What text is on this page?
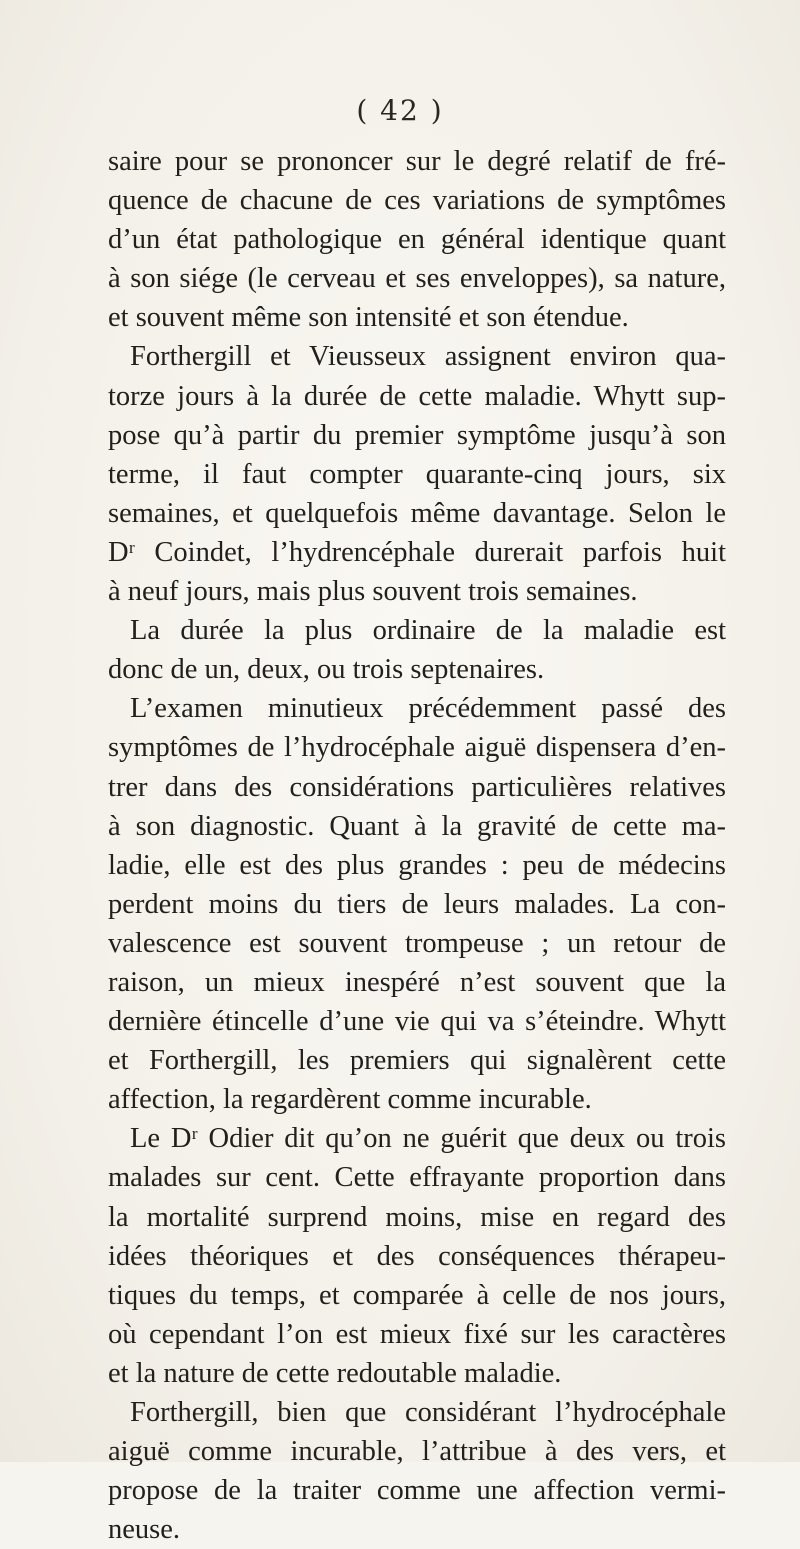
( 42 )
saire pour se prononcer sur le degré relatif de fré-
quence de chacune de ces variations de symptômes
d’un état pathologique en général identique quant
à son siége (le cerveau et ses enveloppes), sa nature,
et souvent même son intensité et son étendue.
Forthergill et Vieusseux assignent environ qua-
torze jours à la durée de cette maladie. Whytt sup-
pose qu’à partir du premier symptôme jusqu’à son
terme, il faut compter quarante-cinq jours, six
semaines, et quelquefois même davantage. Selon le
Dʳ Coindet, l’hydrencéphale durerait parfois huit
à neuf jours, mais plus souvent trois semaines.
La durée la plus ordinaire de la maladie est
donc de un, deux, ou trois septenaires.
L’examen minutieux précédemment passé des
symptômes de l’hydrocéphale aiguë dispensera d’en-
trer dans des considérations particulières relatives
à son diagnostic. Quant à la gravité de cette ma-
ladie, elle est des plus grandes : peu de médecins
perdent moins du tiers de leurs malades. La con-
valescence est souvent trompeuse ; un retour de
raison, un mieux inespéré n’est souvent que la
dernière étincelle d’une vie qui va s’éteindre. Whytt
et Forthergill, les premiers qui signalèrent cette
affection, la regardèrent comme incurable.
Le Dʳ Odier dit qu’on ne guérit que deux ou trois
malades sur cent. Cette effrayante proportion dans
la mortalité surprend moins, mise en regard des
idées théoriques et des conséquences thérapeu-
tiques du temps, et comparée à celle de nos jours,
où cependant l’on est mieux fixé sur les caractères
et la nature de cette redoutable maladie.
Forthergill, bien que considérant l’hydrocéphale
aiguë comme incurable, l’attribue à des vers, et
propose de la traiter comme une affection vermi-
neuse.
